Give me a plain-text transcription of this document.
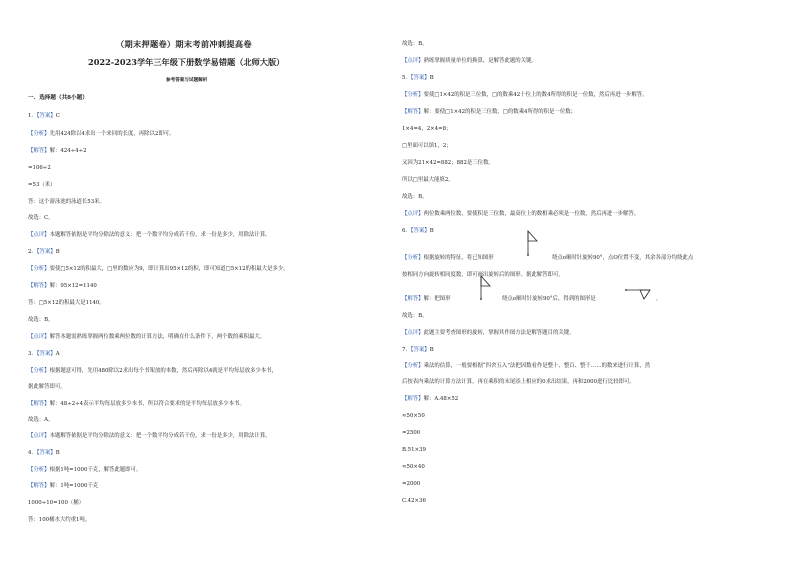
（期末押题卷）期末考前冲刺提高卷
2022-2023学年三年级下册数学易错题（北师大版）
参考答案与试题解析
一．选择题（共8小题）
1．【答案】C
【分析】先用424除以4求出一个来回的长度，再除以2即可。
【解答】解：424÷4÷2
=106÷2
=53（米）
答：这个游泳池的泳道长53米。
故选：C。
【点评】本题解答依据是平均分除法的意义：把一个数平均分成若干份，求一份是多少，用除法计算。
2．【答案】B
【分析】要使□5×12的积最大，□里的数应为9，即计算出95×12的积，即可知道□5×12的积最大是多少。
【解答】解：95×12=1140
答：□5×12的积最大是1140。
故选：B。
【点评】解答本题需熟练掌握两位数乘两位数的计算方法，明确在什么条件下，两个数的乘积最大。
3．【答案】A
【分析】根据题意可得，先用480除以2求出每个书架放的本数，然后再除以4就是平均每层放多少本书，
据此解答即可。
【解答】解：48÷2÷4表示平均每层放多少本书，所以符合要求的是平均每层放多少本书。
故选：A。
【点评】本题解答依据是平均分除法的意义：把一个数平均分成若干份，求一份是多少，用除法计算。
4．【答案】B
【分析】根据1吨=1000千克，解答此题即可。
【解答】解：1吨=1000千克
1000÷10=100（桶）
答：100桶水大约重1吨。
故选：B。
【点评】熟练掌握质量单位的换算，是解答此题的关键。
5．【答案】B
【分析】要使□1×42的积是三位数，□的数乘42十位上的数4所得的积是一位数，然后再进一步解答。
【解答】解：要使□1×42的积是三位数，□的数乘4所得的积是一位数；
1×4=4，2×4=8；
□里面可以填1，2；
又因为21×42=882；882是三位数。
所以□里最大能填2。
故选：B。
【点评】两位数乘两位数，要使积是三位数，最高位上的数相乘必须是一位数，然后再进一步解答。
6．【答案】B
【分析】根据旋转的特征，将已知图形	绕点o顺时针旋转90°，点O位置不变，其余各部分均绕此点
按相同方向旋转相同度数，即可画出旋转后的图形。据此解答即可。
【解答】解：把图形	绕点o顺时针旋转90°后，得到的图形是	。
故选：B。
【点评】此题主要考查图形的旋转，掌握其作图方法是解答题目的关键。
7．【答案】B
【分析】乘法的估算，一般要根据“四舍五入”法把因数看作是整十、整百、整千……的数来进行计算，然
后按表内乘法的计算方法计算，再在乘积的末尾添上相应的0求出结果，再和2000进行比较即可。
【解答】解：A.48×52
≈50×50
=2500
B.51×39
≈50×40
=2000
C.42×36
